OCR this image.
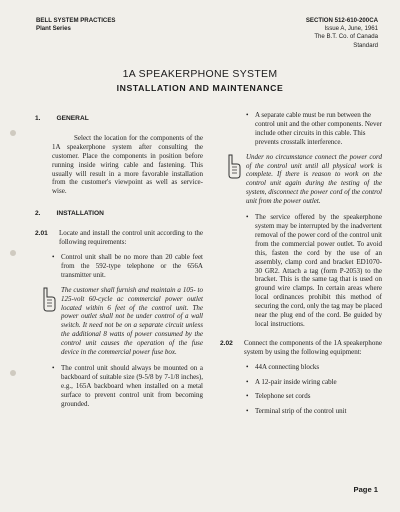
BELL SYSTEM PRACTICES
Plant Series
SECTION 512-610-200CA
Issue A, June, 1961
The B.T. Co. of Canada
Standard
1A SPEAKERPHONE SYSTEM
INSTALLATION AND MAINTENANCE
1. GENERAL
Select the location for the components of the 1A speakerphone system after consulting the customer. Place the components in position before running inside wiring cable and fastening. This usually will result in a more favorable installation from the customer's viewpoint as well as service-wise.
2. INSTALLATION
2.01 Locate and install the control unit according to the following requirements:
• Control unit shall be no more than 20 cable feet from the 592-type telephone or the 656A transmitter unit.
The customer shall furnish and maintain a 105- to 125-volt 60-cycle ac commercial power outlet located within 6 feet of the control unit. The power outlet shall not be under control of a wall switch. It need not be on a separate circuit unless the additional 8 watts of power consumed by the control unit causes the operation of the fuse device in the commercial power fuse box.
• The control unit should always be mounted on a backboard of suitable size (9-5/8 by 7-1/8 inches), e.g., 165A backboard when installed on a metal surface to prevent control unit from becoming grounded.
• A separate cable must be run between the control unit and the other components. Never include other circuits in this cable. This prevents crosstalk interference.
Under no circumstance connect the power cord of the control unit until all physical work is complete. If there is reason to work on the control unit again during the testing of the system, disconnect the power cord of the control unit from the power outlet.
• The service offered by the speakerphone system may be interrupted by the inadvertent removal of the power cord of the control unit from the commercial power outlet. To avoid this, fasten the cord by the use of an assembly, clamp cord and bracket ED1070-30 GR2. Attach a tag (form P-2053) to the bracket. This is the same tag that is used on ground wire clamps. In certain areas where local ordinances prohibit this method of securing the cord, only the tag may be placed near the plug end of the cord. Be guided by local instructions.
2.02 Connect the components of the 1A speakerphone system by using the following equipment:
• 44A connecting blocks
• A 12-pair inside wiring cable
• Telephone set cords
• Terminal strip of the control unit
Page 1
